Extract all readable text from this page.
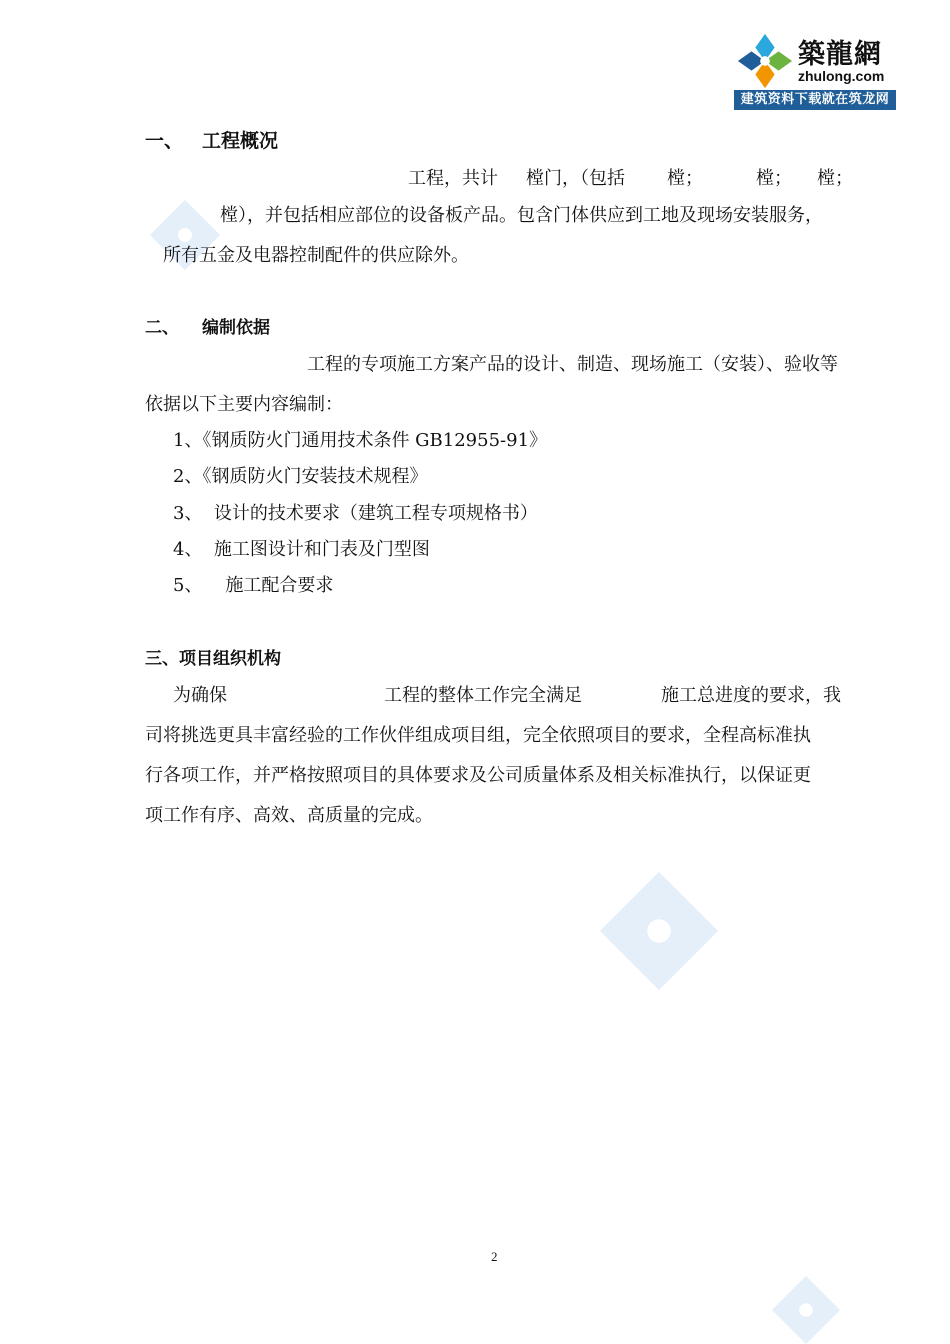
築龍網
zhulong.com
建筑资料下载就在筑龙网
一、 工程概况
工程，共计 樘门，（包括 樘；	樘； 樘；
樘），并包括相应部位的设备板产品。包含门体供应到工地及现场安装服务，
所有五金及电器控制配件的供应除外。
二、 编制依据
工程的专项施工方案产品的设计、制造、现场施工（安装）、验收等
依据以下主要内容编制：
1、《钢质防火门通用技术条件 GB12955-91》
2、《钢质防火门安装技术规程》
3、  设计的技术要求（建筑工程专项规格书）
4、  施工图设计和门表及门型图
5、    施工配合要求
三、项目组织机构
为确保	工程的整体工作完全满足	施工总进度的要求，我
司将挑选更具丰富经验的工作伙伴组成项目组，完全依照项目的要求，全程高标准执
行各项工作，并严格按照项目的具体要求及公司质量体系及相关标准执行，以保证更
项工作有序、高效、高质量的完成。
2
